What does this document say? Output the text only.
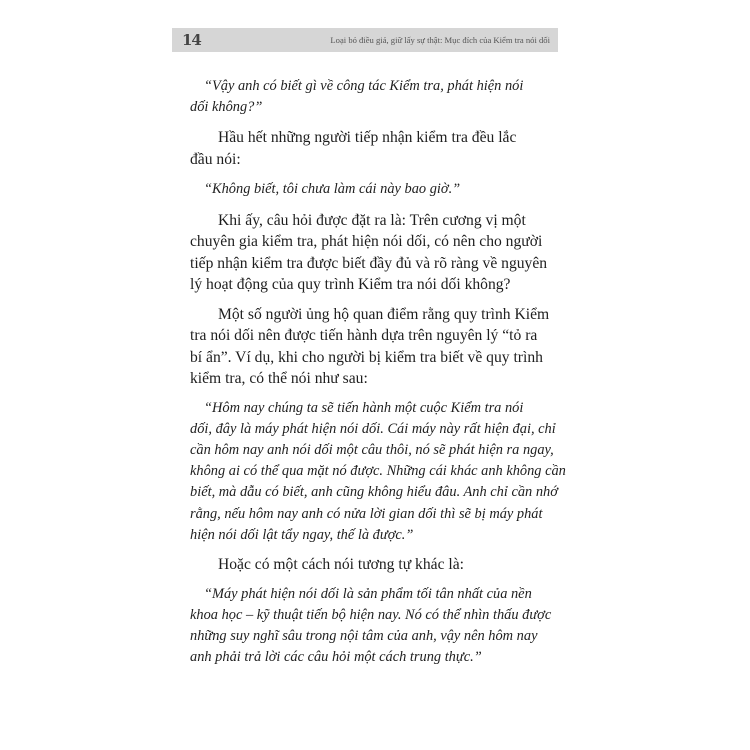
14	Loại bỏ điều giả, giữ lấy sự thật: Mục đích của Kiểm tra nói dối

“Vậy anh có biết gì về công tác Kiểm tra, phát hiện nói
dối không?”

Hầu hết những người tiếp nhận kiểm tra đều lắc
đầu nói:

“Không biết, tôi chưa làm cái này bao giờ.”

Khi ấy, câu hỏi được đặt ra là: Trên cương vị một
chuyên gia kiểm tra, phát hiện nói dối, có nên cho người
tiếp nhận kiểm tra được biết đầy đủ và rõ ràng về nguyên
lý hoạt động của quy trình Kiểm tra nói dối không?

Một số người ủng hộ quan điểm rằng quy trình Kiểm
tra nói dối nên được tiến hành dựa trên nguyên lý “tỏ ra
bí ẩn”. Ví dụ, khi cho người bị kiểm tra biết về quy trình
kiểm tra, có thể nói như sau:

“Hôm nay chúng ta sẽ tiến hành một cuộc Kiểm tra nói
dối, đây là máy phát hiện nói dối. Cái máy này rất hiện đại, chỉ
cần hôm nay anh nói dối một câu thôi, nó sẽ phát hiện ra ngay,
không ai có thể qua mặt nó được. Những cái khác anh không cần
biết, mà dẫu có biết, anh cũng không hiểu đâu. Anh chỉ cần nhớ
rằng, nếu hôm nay anh có nửa lời gian dối thì sẽ bị máy phát
hiện nói dối lật tẩy ngay, thế là được.”

Hoặc có một cách nói tương tự khác là:

“Máy phát hiện nói dối là sản phẩm tối tân nhất của nền
khoa học – kỹ thuật tiến bộ hiện nay. Nó có thể nhìn thấu được
những suy nghĩ sâu trong nội tâm của anh, vậy nên hôm nay
anh phải trả lời các câu hỏi một cách trung thực.”
